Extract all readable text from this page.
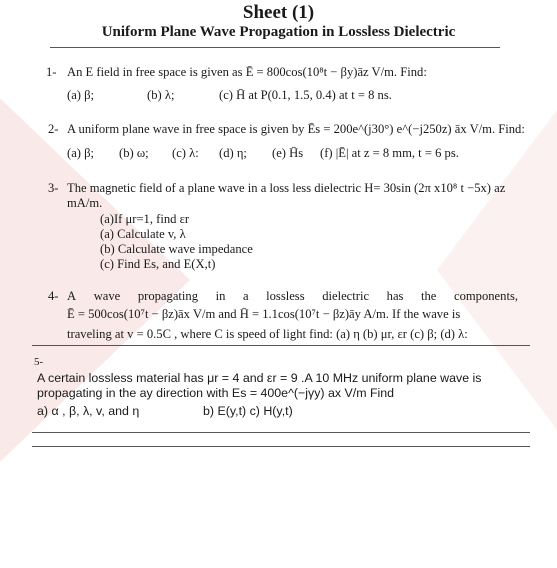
Sheet (1)
Uniform Plane Wave Propagation in Lossless Dielectric
1- An E field in free space is given as Ē = 800cos(10⁸t − βy)āz V/m. Find:
(a) β;	(b) λ;	(c) H̄ at P(0.1, 1.5, 0.4) at t = 8 ns.
2- A uniform plane wave in free space is given by Ēs = 200e^(j30°) e^(−j250z) āx V/m. Find:
(a) β; (b) ω; (c) λ: (d) η; (e) H̄s (f) |Ē| at z = 8 mm, t = 6 ps.
3- The magnetic field of a plane wave in a loss less dielectric H= 30sin (2π x10⁸ t −5x) az
mA/m.
(a)If μr=1, find εr
(a) Calculate v, λ
(b) Calculate wave impedance
(c) Find Es, and E(X,t)
4- A wave propagating in a lossless dielectric has the components,
Ē = 500cos(10⁷t − βz)āx V/m and H̄ = 1.1cos(10⁷t − βz)āy A/m. If the wave is
traveling at v = 0.5C , where C is speed of light find: (a) η (b) μr, εr (c) β; (d) λ:
5-
A certain lossless material has μr = 4 and εr = 9 .A 10 MHz uniform plane wave is
propagating in the ay direction with Es = 400e^(−jγy) ax V/m Find
a) α , β, λ, v, and η	b) E(y,t) c) H(y,t)
